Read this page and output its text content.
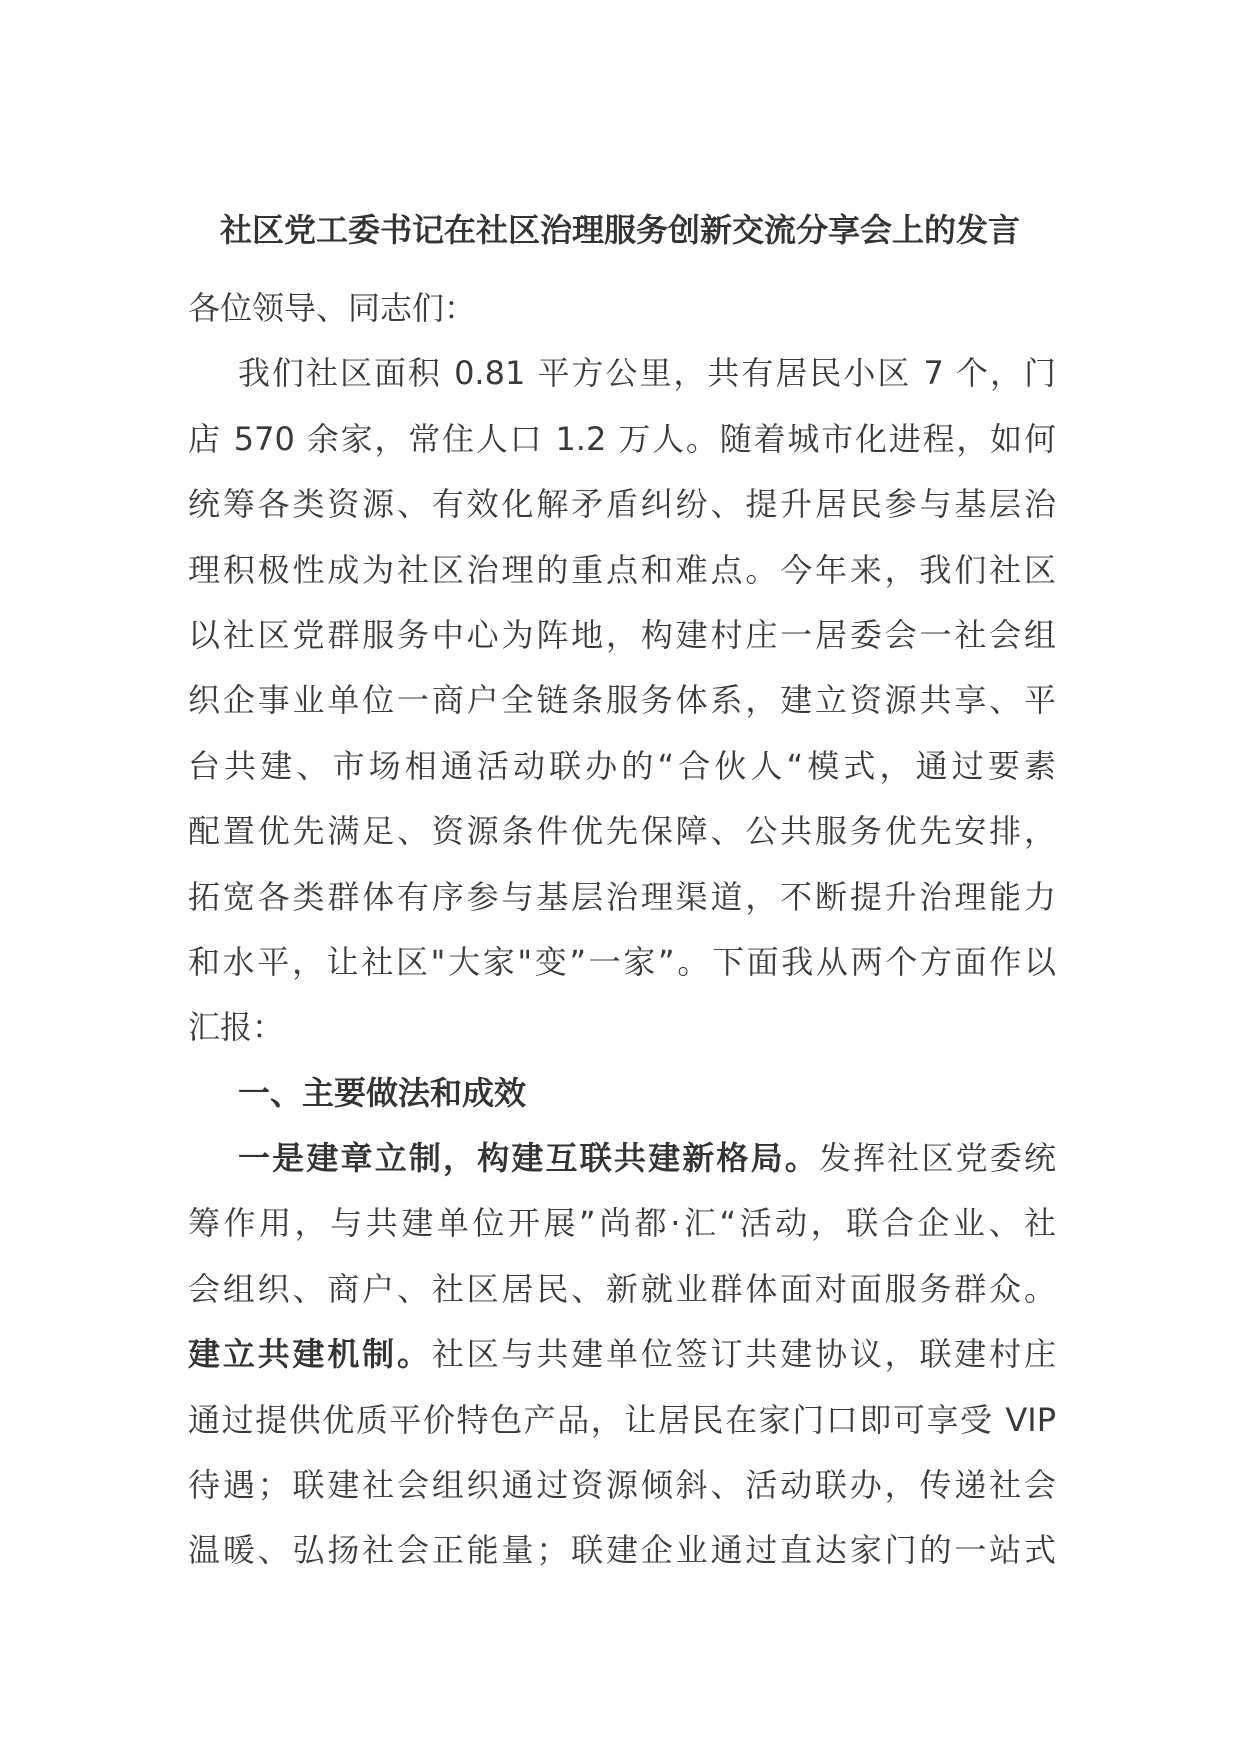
社区党工委书记在社区治理服务创新交流分享会上的发言
各位领导、同志们：
我们社区面积 0.81 平方公里，共有居民小区 7 个，门
店 570 余家，常住人口 1.2 万人。随着城市化进程，如何
统筹各类资源、有效化解矛盾纠纷、提升居民参与基层治
理积极性成为社区治理的重点和难点。今年来，我们社区
以社区党群服务中心为阵地，构建村庄一居委会一社会组
织企事业单位一商户全链条服务体系，建立资源共享、平
台共建、市场相通活动联办的“合伙人“模式，通过要素
配置优先满足、资源条件优先保障、公共服务优先安排，
拓宽各类群体有序参与基层治理渠道，不断提升治理能力
和水平，让社区"大家"变”一家”。下面我从两个方面作以
汇报：
一、主要做法和成效
一是建章立制，构建互联共建新格局。发挥社区党委统
筹作用，与共建单位开展”尚都·汇“活动，联合企业、社
会组织、商户、社区居民、新就业群体面对面服务群众。
建立共建机制。社区与共建单位签订共建协议，联建村庄
通过提供优质平价特色产品，让居民在家门口即可享受 VIP
待遇；联建社会组织通过资源倾斜、活动联办，传递社会
温暖、弘扬社会正能量；联建企业通过直达家门的一站式
